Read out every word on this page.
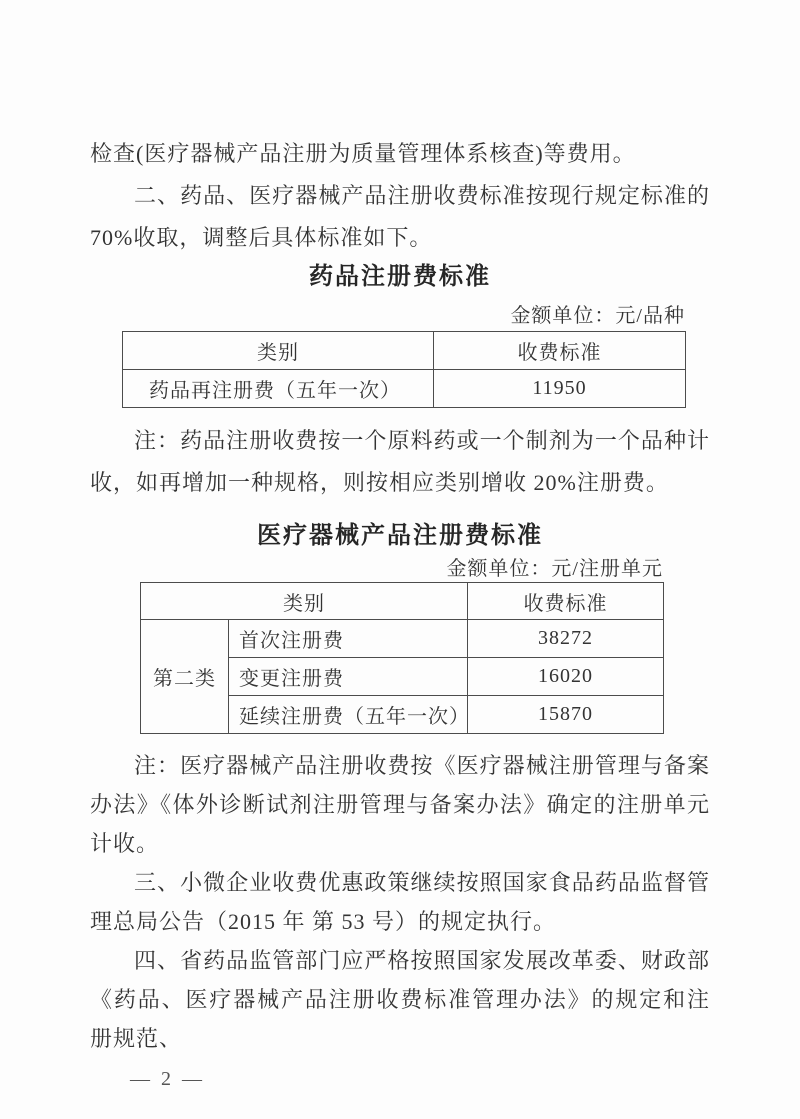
检查(医疗器械产品注册为质量管理体系核查)等费用。

二、药品、医疗器械产品注册收费标准按现行规定标准的70%收取，调整后具体标准如下。

药品注册费标准
金额单位：元/品种
类别	收费标准
药品再注册费（五年一次）	11950

注：药品注册收费按一个原料药或一个制剂为一个品种计收，如再增加一种规格，则按相应类别增收 20%注册费。

医疗器械产品注册费标准
金额单位：元/注册单元
类别		收费标准
第二类	首次注册费	38272
	变更注册费	16020
	延续注册费（五年一次）	15870

注：医疗器械产品注册收费按《医疗器械注册管理与备案办法》《体外诊断试剂注册管理与备案办法》确定的注册单元计收。

三、小微企业收费优惠政策继续按照国家食品药品监督管理总局公告（2015 年 第 53 号）的规定执行。

四、省药品监管部门应严格按照国家发展改革委、财政部《药品、医疗器械产品注册收费标准管理办法》的规定和注册规范、

— 2 —
